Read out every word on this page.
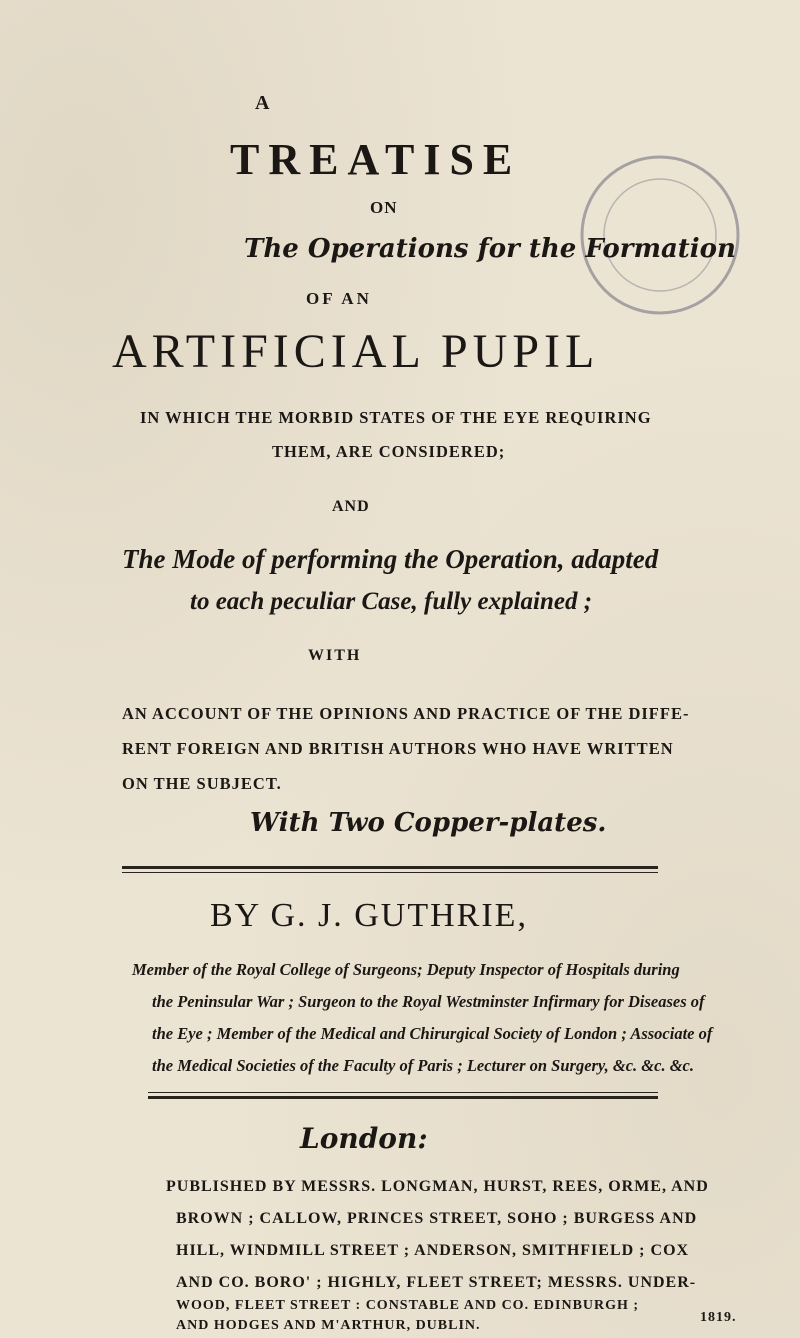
A
TREATISE
ON
The Operations for the Formation
OF AN
ARTIFICIAL PUPIL
IN WHICH THE MORBID STATES OF THE EYE REQUIRING
THEM, ARE CONSIDERED;
AND
The Mode of performing the Operation, adapted
to each peculiar Case, fully explained ;
WITH
AN ACCOUNT OF THE OPINIONS AND PRACTICE OF THE DIFFE-
RENT FOREIGN AND BRITISH AUTHORS WHO HAVE WRITTEN
ON THE SUBJECT.
With Two Copper-plates.
BY G. J. GUTHRIE,
Member of the Royal College of Surgeons; Deputy Inspector of Hospitals during
the Peninsular War ; Surgeon to the Royal Westminster Infirmary for Diseases of
the Eye ; Member of the Medical and Chirurgical Society of London ; Associate of
the Medical Societies of the Faculty of Paris ; Lecturer on Surgery, &c. &c. &c.
London:
PUBLISHED BY MESSRS. LONGMAN, HURST, REES, ORME, AND
BROWN ; CALLOW, PRINCES STREET, SOHO ; BURGESS AND
HILL, WINDMILL STREET ; ANDERSON, SMITHFIELD ; COX
AND CO. BORO' ; HIGHLY, FLEET STREET; MESSRS. UNDER-
WOOD, FLEET STREET : CONSTABLE AND CO. EDINBURGH ;
AND HODGES AND M'ARTHUR, DUBLIN.
1819.
